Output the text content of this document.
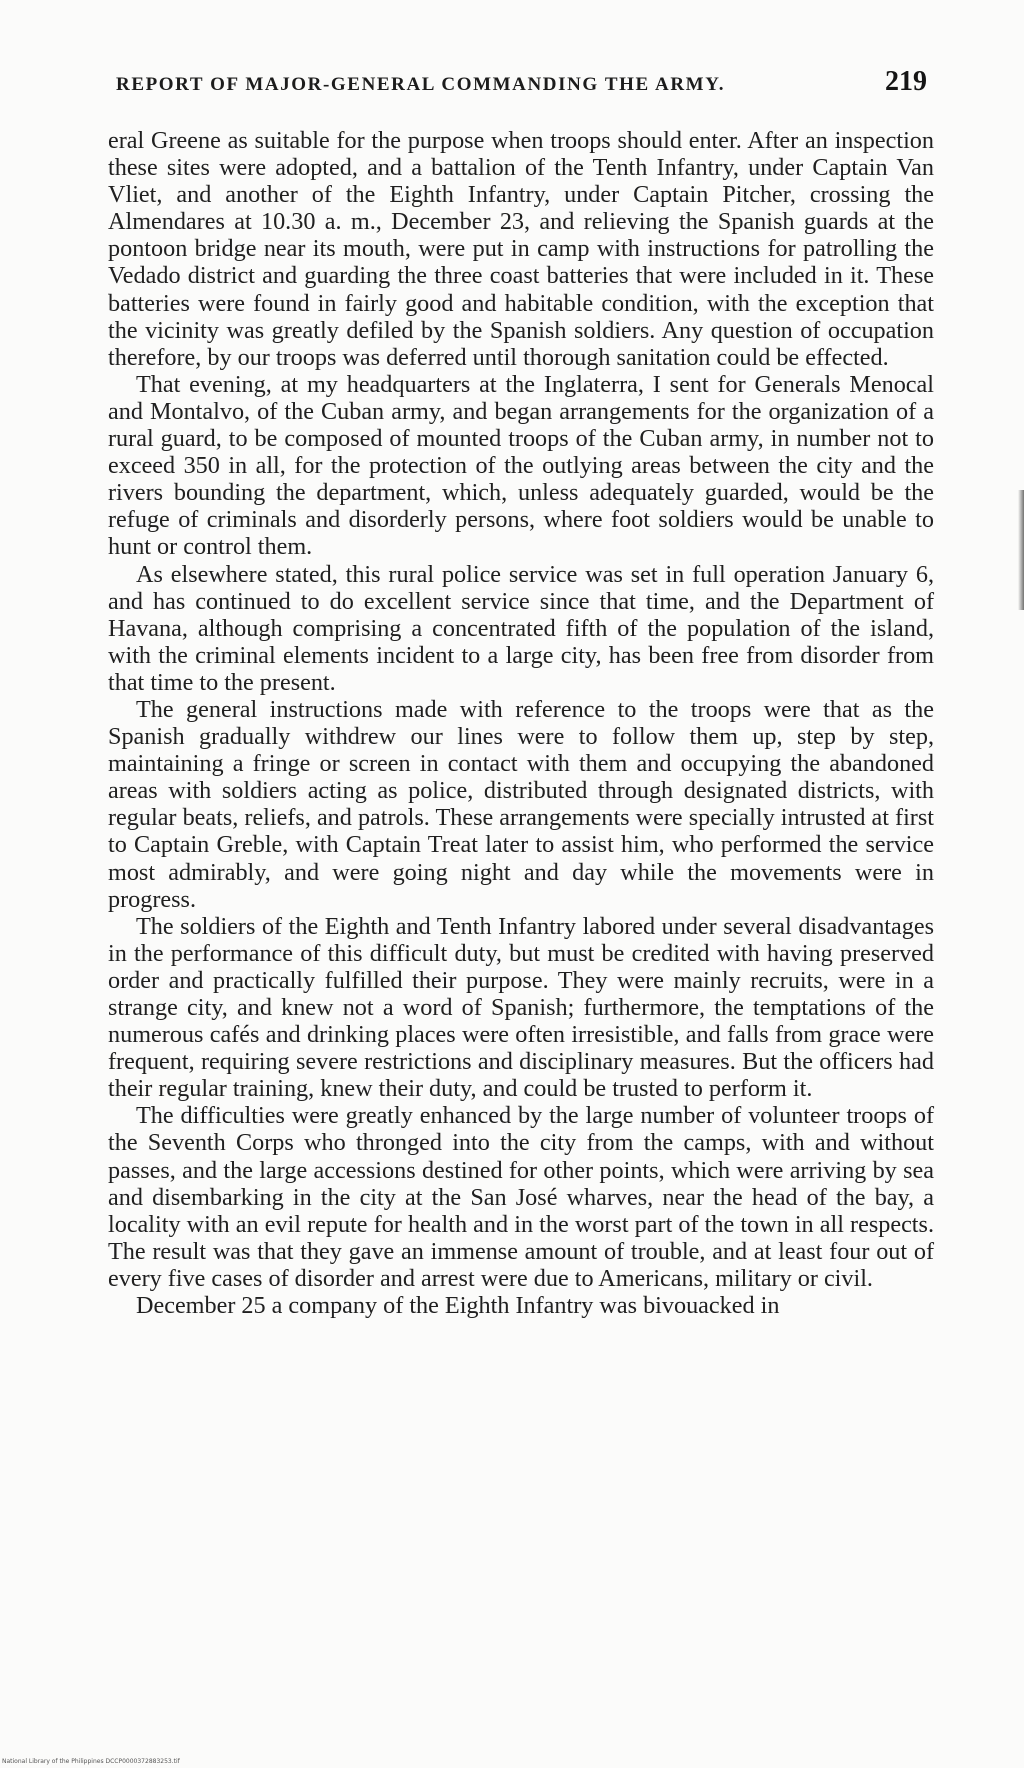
REPORT OF MAJOR-GENERAL COMMANDING THE ARMY.	219

eral Greene as suitable for the purpose when troops should enter. After an inspection these sites were adopted, and a battalion of the Tenth Infantry, under Captain Van Vliet, and another of the Eighth Infantry, under Captain Pitcher, crossing the Almendares at 10.30 a. m., December 23, and relieving the Spanish guards at the pontoon bridge near its mouth, were put in camp with instructions for patrolling the Vedado district and guarding the three coast batteries that were included in it. These batteries were found in fairly good and habitable condition, with the exception that the vicinity was greatly defiled by the Spanish soldiers. Any question of occupation therefore, by our troops was deferred until thorough sanitation could be effected.

That evening, at my headquarters at the Inglaterra, I sent for Generals Menocal and Montalvo, of the Cuban army, and began arrangements for the organization of a rural guard, to be composed of mounted troops of the Cuban army, in number not to exceed 350 in all, for the protection of the outlying areas between the city and the rivers bounding the department, which, unless adequately guarded, would be the refuge of criminals and disorderly persons, where foot soldiers would be unable to hunt or control them.

As elsewhere stated, this rural police service was set in full operation January 6, and has continued to do excellent service since that time, and the Department of Havana, although comprising a concentrated fifth of the population of the island, with the criminal elements incident to a large city, has been free from disorder from that time to the present.

The general instructions made with reference to the troops were that as the Spanish gradually withdrew our lines were to follow them up, step by step, maintaining a fringe or screen in contact with them and occupying the abandoned areas with soldiers acting as police, distributed through designated districts, with regular beats, reliefs, and patrols. These arrangements were specially intrusted at first to Captain Greble, with Captain Treat later to assist him, who performed the service most admirably, and were going night and day while the movements were in progress.

The soldiers of the Eighth and Tenth Infantry labored under several disadvantages in the performance of this difficult duty, but must be credited with having preserved order and practically fulfilled their purpose. They were mainly recruits, were in a strange city, and knew not a word of Spanish; furthermore, the temptations of the numerous cafés and drinking places were often irresistible, and falls from grace were frequent, requiring severe restrictions and disciplinary measures. But the officers had their regular training, knew their duty, and could be trusted to perform it.

The difficulties were greatly enhanced by the large number of volunteer troops of the Seventh Corps who thronged into the city from the camps, with and without passes, and the large accessions destined for other points, which were arriving by sea and disembarking in the city at the San José wharves, near the head of the bay, a locality with an evil repute for health and in the worst part of the town in all respects. The result was that they gave an immense amount of trouble, and at least four out of every five cases of disorder and arrest were due to Americans, military or civil.

December 25 a company of the Eighth Infantry was bivouacked in

National Library of the Philippines DCCP0000372883253.tif
